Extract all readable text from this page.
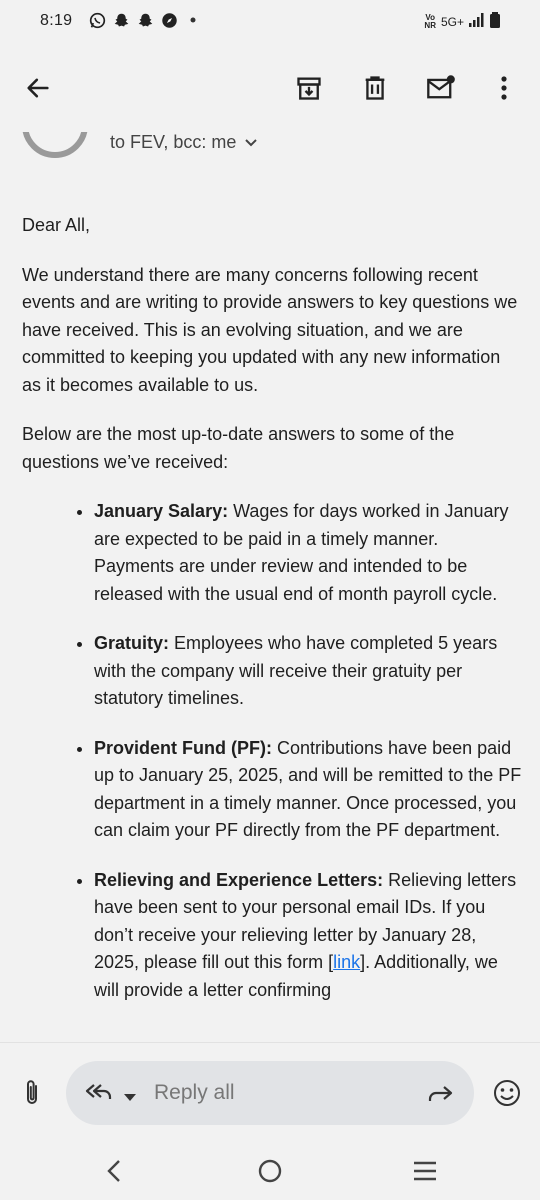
8:19	Vo
NR 5G+
to FEV, bcc: me

Dear All,

We understand there are many concerns following recent events and are writing to provide answers to key questions we have received. This is an evolving situation, and we are committed to keeping you updated with any new information as it becomes available to us.

Below are the most up-to-date answers to some of the questions we’ve received:

• January Salary: Wages for days worked in January are expected to be paid in a timely manner. Payments are under review and intended to be released with the usual end of month payroll cycle.
• Gratuity: Employees who have completed 5 years with the company will receive their gratuity per statutory timelines.
• Provident Fund (PF): Contributions have been paid up to January 25, 2025, and will be remitted to the PF department in a timely manner. Once processed, you can claim your PF directly from the PF department.
• Relieving and Experience Letters: Relieving letters have been sent to your personal email IDs. If you don’t receive your relieving letter by January 28, 2025, please fill out this form [link]. Additionally, we will provide a letter confirming
Reply all
